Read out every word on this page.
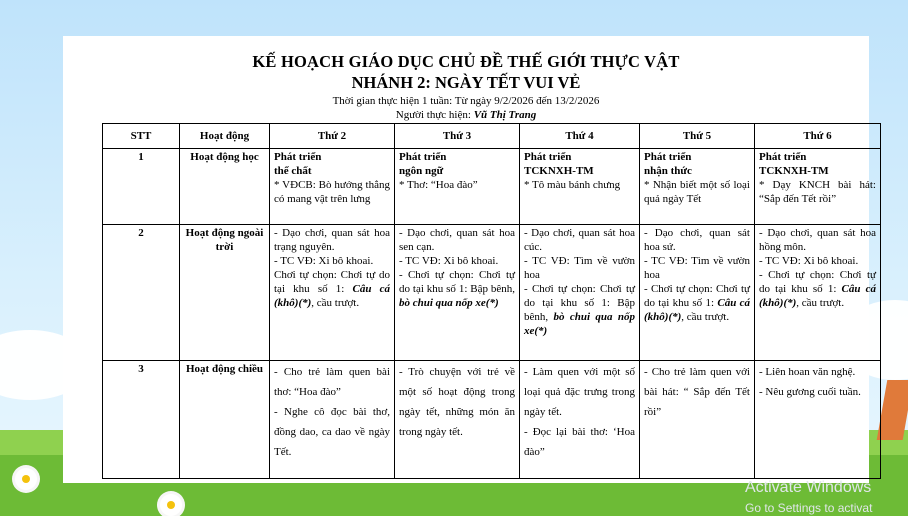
KẾ HOẠCH GIÁO DỤC CHỦ ĐỀ THẾ GIỚI THỰC VẬT
NHÁNH 2: NGÀY TẾT VUI VẺ
Thời gian thực hiện 1 tuần: Từ ngày 9/2/2026 đến 13/2/2026
Người thực hiện: Vũ Thị Trang
STT	Hoạt động	Thứ 2	Thứ 3	Thứ 4	Thứ 5	Thứ 6
1	Hoạt động học	Phát triển
thể chất
* VĐCB: Bò hướng thẳng có mang vật trên lưng	Phát triển
ngôn ngữ
* Thơ: “Hoa đào”	Phát triển
TCKNXH-TM
* Tô màu bánh chưng	Phát triển
nhận thức
* Nhận biết một số loại quả ngày Tết	Phát triển
TCKNXH-TM
* Dạy KNCH bài hát: “Sắp đến Tết rồi”

2	Hoạt động ngoài trời	- Dạo chơi, quan sát hoa trạng nguyên.
- TC VĐ: Xi bô khoai.
Chơi tự chọn: Chơi tự do tại khu số 1: Câu cá (khô)(*), cầu trượt.	- Dạo chơi, quan sát hoa sen cạn.
- TC VĐ: Xi bô khoai.
- Chơi tự chọn: Chơi tự do tại khu số 1: Bập bênh, bò chui qua nốp xe(*)	- Dạo chơi, quan sát hoa cúc.
- TC VĐ: Tìm về vườn hoa
- Chơi tự chọn: Chơi tự do tại khu số 1: Bập bênh, bò chui qua nốp xe(*)	- Dạo chơi, quan sát hoa sứ.
- TC VĐ: Tìm về vườn hoa
- Chơi tự chọn: Chơi tự do tại khu số 1: Câu cá (khô)(*), cầu trượt.	- Dạo chơi, quan sát hoa hồng môn.
- TC VĐ: Xi bô khoai.
- Chơi tự chọn: Chơi tự do tại khu số 1: Câu cá (khô)(*), cầu trượt.
3	Hoạt động chiều	- Cho trẻ làm quen bài thơ: “Hoa đào”
- Nghe cô đọc bài thơ, đồng dao, ca dao về ngày Tết.	- Trò chuyện với trẻ về một số hoạt động trong ngày tết, những món ăn trong ngày tết.	- Làm quen với một số loại quả đặc trưng trong ngày tết.
- Đọc lại bài thơ: ‘Hoa đào”	- Cho trẻ làm quen với bài hát: “ Sắp đến Tết rồi”	- Liên hoan văn nghệ.
- Nêu gương cuối tuần.
Activate Windows
Go to Settings to activat
